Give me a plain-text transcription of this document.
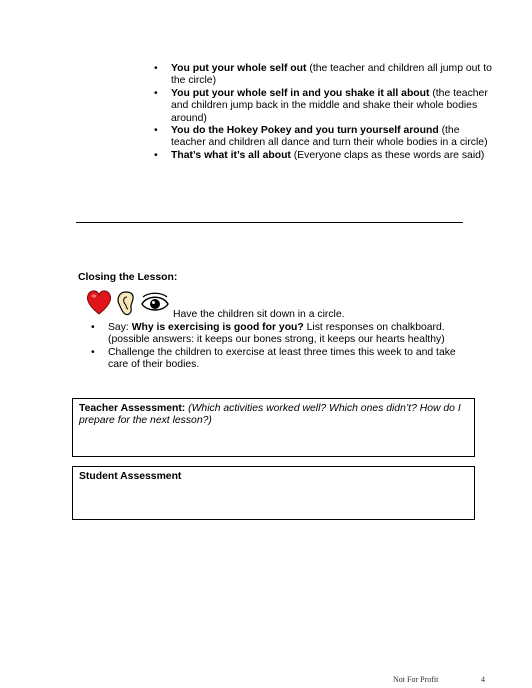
• You put your whole self out (the teacher and children all jump out to the circle)
• You put your whole self in and you shake it all about (the teacher and children jump back in the middle and shake their whole bodies around)
• You do the Hokey Pokey and you turn yourself around (the teacher and children all dance and turn their whole bodies in a circle)
• That’s what it’s all about (Everyone claps as these words are said)
Closing the Lesson:
Have the children sit down in a circle.
• Say: Why is exercising is good for you? List responses on chalkboard. (possible answers: it keeps our bones strong, it keeps our hearts healthy)
• Challenge the children to exercise at least three times this week to and take care of their bodies.
Teacher Assessment: (Which activities worked well? Which ones didn’t? How do I prepare for the next lesson?)
Student Assessment
Not For Profit	4
